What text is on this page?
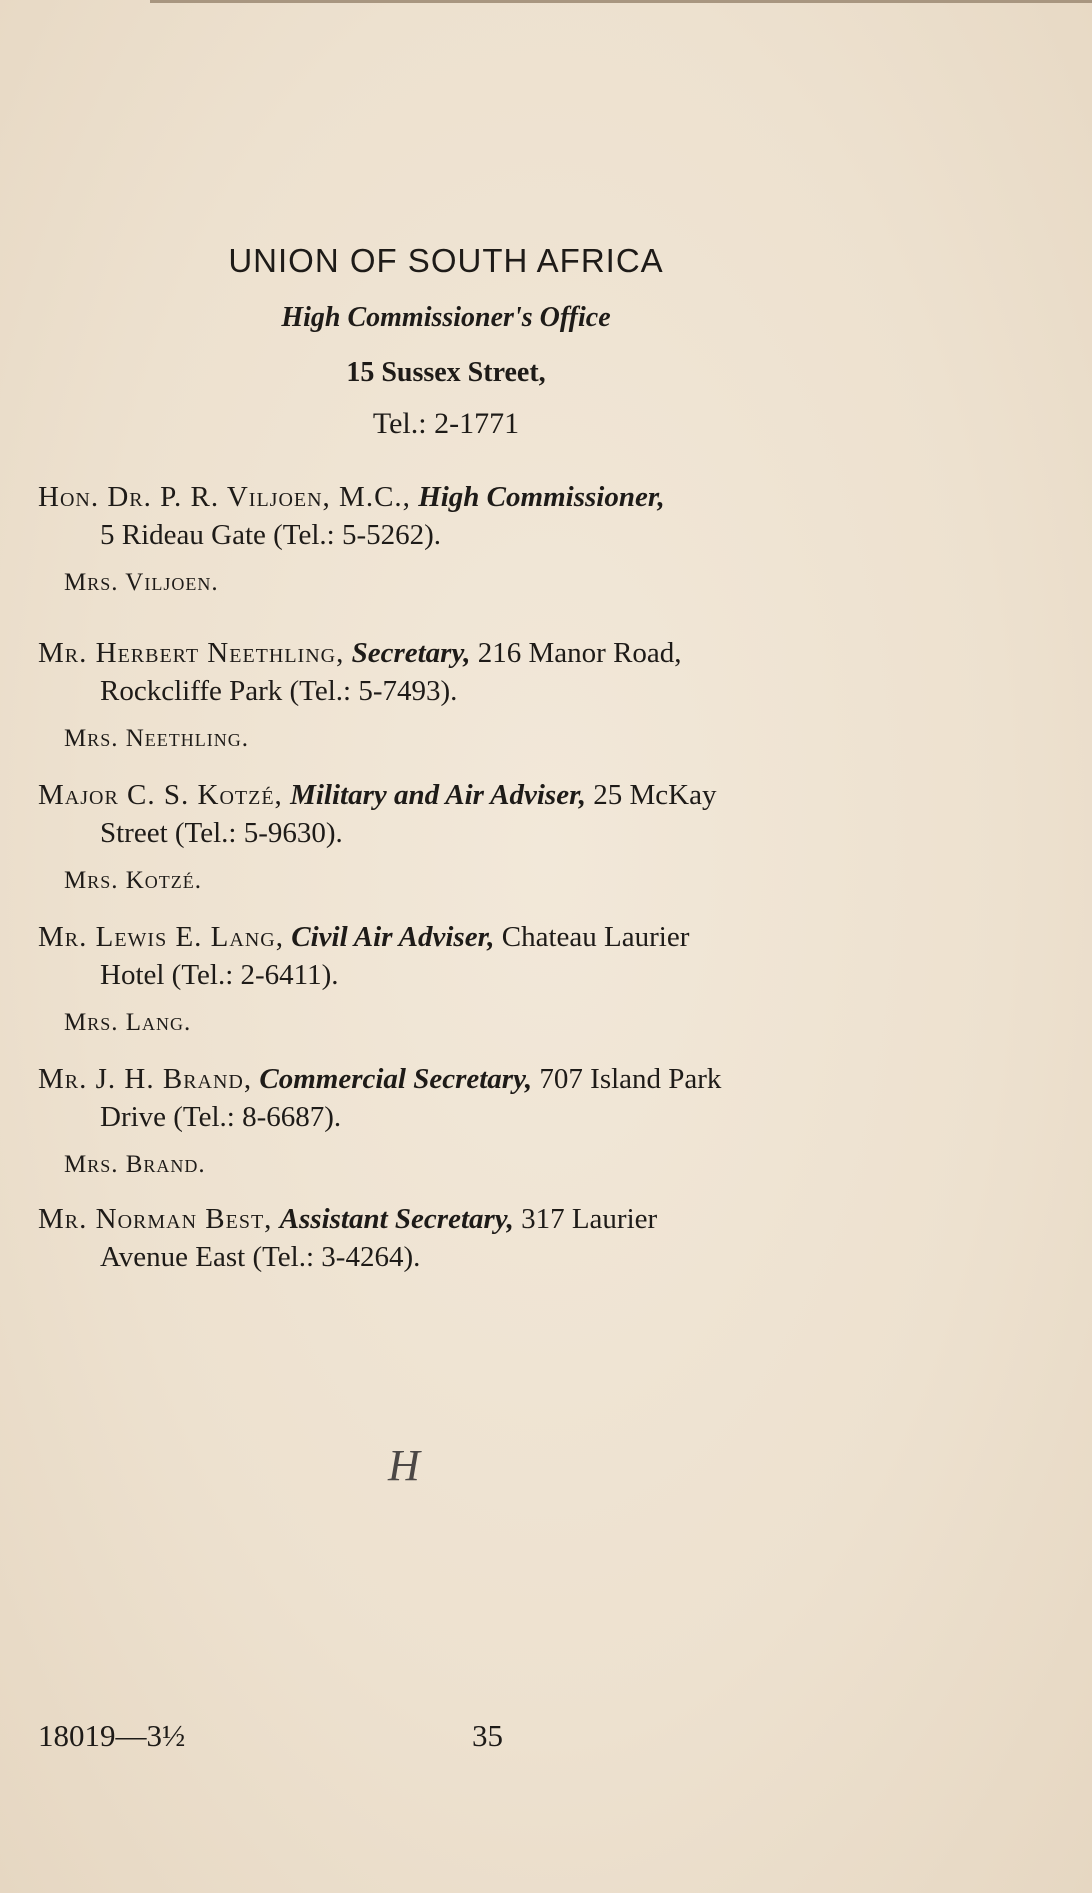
UNION OF SOUTH AFRICA
High Commissioner's Office
15 Sussex Street,
Tel.: 2-1771
Hon. Dr. P. R. Viljoen, M.C., High Commissioner,
5 Rideau Gate (Tel.: 5-5262).
Mrs. Viljoen.
Mr. Herbert Neethling, Secretary, 216 Manor Road,
Rockcliffe Park (Tel.: 5-7493).
Mrs. Neethling.
Major C. S. Kotzé, Military and Air Adviser, 25 McKay
Street (Tel.: 5-9630).
Mrs. Kotzé.
Mr. Lewis E. Lang, Civil Air Adviser, Chateau Laurier
Hotel (Tel.: 2-6411).
Mrs. Lang.
Mr. J. H. Brand, Commercial Secretary, 707 Island Park
Drive (Tel.: 8-6687).
Mrs. Brand.
Mr. Norman Best, Assistant Secretary, 317 Laurier
Avenue East (Tel.: 3-4264).
H
18019—3½	35
